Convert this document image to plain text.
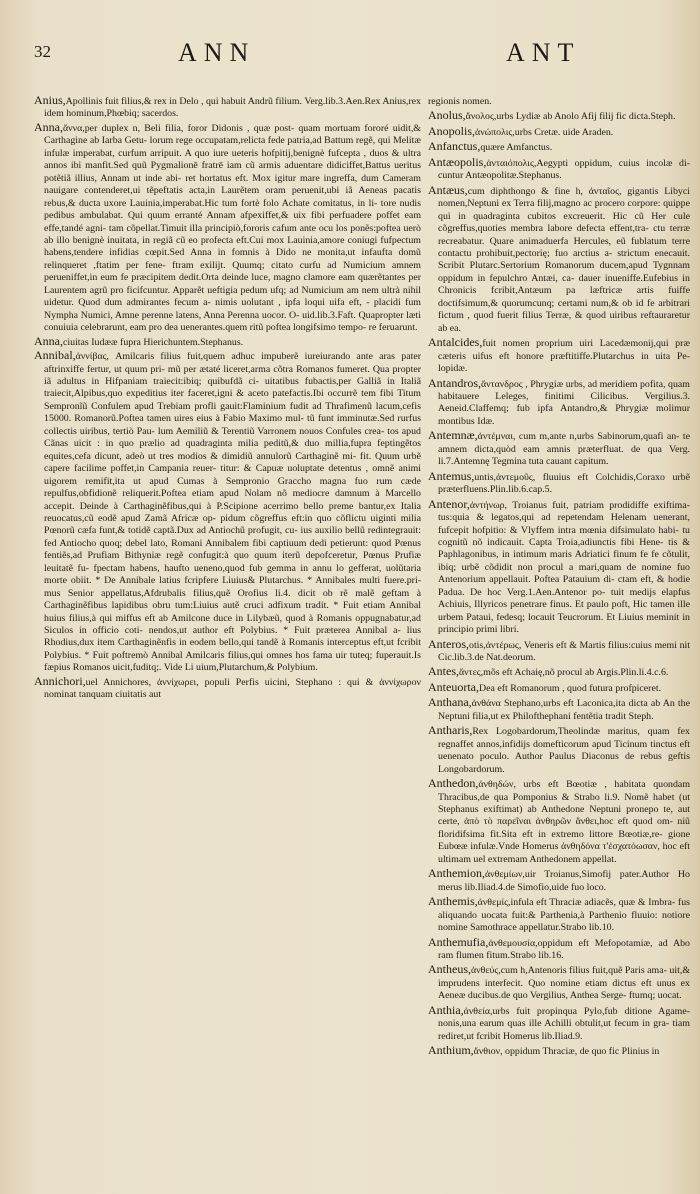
32	ANN	ANT

Anius,Apollinis fuit filius,& rex in Delo , qui habuit Andrũ filium. Verg.lib.3.Aen.Rex Anius,rex idem hominum,Phœbiq; sacerdos.

Anna,ἄννα,per duplex n, Beli filia, foror Didonis , quæ post- quam mortuam fororé uidit,& Carthagine ab Iarba Getu- lorum rege occupatam,relicta fede patria,ad Battum regẽ, qui Melitæ infulæ imperabat, curfum arripuit. A quo iure ueteris hofpitij,benignè fufcepta , duos & ultra annos ibi manfit.Sed quũ Pygmalionē fratrē iam cũ armis aduentare didiciffet,Battus ueritus potẽtiã illius, Annam ut inde abi- ret hortatus eft. Mox igitur mare ingreffa, dum Cameram nauigare contenderet,ui tẽpeftatis acta,in Laurẽtem oram peruenit,ubi iã Aeneas pacatis rebus,& ducta uxore Lauinia,imperabat.Hic tum fortè folo Achate comitatus, in li- tore nudis pedibus ambulabat. Qui quum erranté Annam afpexiffet,& uix fibi perfuadere poffet eam effe,tandé agni- tam cõpellat.Timuit illa principiò,fororis cafum ante ocu los ponẽs:poftea uerò ab illo benignè inuitata, in regiã cũ eo profecta eft.Cui mox Lauinia,amore coniugi fufpectum habens,tendere infidias cœpit.Sed Anna in fomnis à Dido ne monita,ut infaufta domũ relinqueret ,ftatim per fene- ftram exilijt. Quumq; citato curfu ad Numicium amnem perueniffet,in eum fe præcipitem dedit.Orta deinde luce, magno clamore eam quærẽtantes per Laurentem agrũ pro ficifcuntur. Apparẽt ueftigia pedum ufq; ad Numicium am nem ultrà nihil uidetur. Quod dum admirantes fecum a- nimis uolutant , ipfa loqui uifa eft, - placidi fum Nympha Numici, Amne perenne latens, Anna Perenna uocor. O- uid.lib.3.Faft. Quapropter læti conuiuia celebrarunt, eam pro dea uenerantes.quem ritũ poftea longifsimo tempo- re feruarunt.

Anna,ciuitas Iudææ fupra Hierichuntem.Stephanus.

Annibal,ἀννίβας, Amilcaris filius fuit,quem adhuc impuberẽ iureiurando ante aras pater aftrinxiffe fertur, ut quum pri- mũ per ætaté liceret,arma cõtra Romanos fumeret. Qua propter iã adultus in Hifpaniam traiecit:ibiq; quibufdã ci- uitatibus fubactis,per Galliã in Italiã traiecit,Alpibus,quo expeditius iter faceret,igni & aceto patefactis.Ibi occurrẽ tem fibi Titum Sempronĩũ Confulem apud Trebiam profli gauit:Flaminium fudit ad Thrafimenũ lacum,cefis 15000. Romanorũ.Poftea tamen uires eius à Fabio Maximo mul- tũ funt imminutæ.Sed rurfus collectis uiribus, tertiò Pau- lum Aemiliũ & Terentiũ Varronem nouos Confules crea- tos apud Cãnas uicit : in quo prælio ad quadraginta milia peditũ,& duo millia,fupra feptingẽtos equites,cefa dicunt, adeò ut tres modios & dimidiũ annulorũ Carthaginẽ mi- fit. Quum urbẽ capere facilime poffet,in Campania reuer- titur: & Capuæ uoluptate detentus , omnẽ animi uigorem remifit,ita ut apud Cumas à Sempronio Graccho magna fuo rum cæde repulfus,obfidionẽ reliquerit.Poftea etiam apud Nolam nõ mediocre damnum à Marcello accepit. Deinde à Carthaginẽfibus,qui à P.Scipione acerrimo bello preme bantur,ex Italia reuocatus,cũ eodẽ apud Zamã Africæ op- pidum cõgreffus eft:in quo cõflictu uiginti milia Pœnorũ cæfa funt,& totidẽ captã.Dux ad Antiochũ profugit, cu- ius auxilio bellũ redintegrauit: fed Antiocho quoq; debel lato, Romani Annibalem fibi captiuum dedi petierunt: quod Pœnus fentiẽs,ad Prufiam Bithyniæ regẽ confugit:à quo quum iterũ depofceretur, Pœnus Prufiæ leuitatẽ fu- fpectam habens, haufto ueneno,quod fub gemma in annu lo gefferat, uolũtaria morte obiit. * De Annibale latius fcripfere Liuius& Plutarchus. * Annibales multi fuere.pri- mus Senior appellatus,Afdrubalis filius,quẽ Orofius li.4. dicit ob rẽ malẽ geftam à Carthaginẽfibus lapidibus obru tum:Liuius autẽ cruci adfixum tradit. * Fuit etiam Annibal huius filius,à qui miffus eft ab Amilcone duce in Lilybæũ, quod à Romanis oppugnabatur,ad Siculos in officio coti- nendos,ut author eft Polybius. * Fuit præterea Annibal a- lius Rhodius,dux item Carthaginẽnfis in eodem bello,qui tandẽ à Romanis interceptus eft,ut fcribit Polybius. * Fuit poftremò Annibal Amilcaris filius,qui omnes hos fama uir tuteq; fuperauit.Is fæpius Romanos uicit,fuditq;. Vide Li uium,Plutarchum,& Polybium.

Annichori,uel Annichores, ἀννίχωρει, populi Perfis uicini, Stephano : qui & ἀννίχωρον nominat tanquam ciuitatis aut

regionis nomen.

Anolus,ἄνολος,urbs Lydiæ ab Anolo Afij filij fic dicta.Steph.

Anopolis,ἀνώπολις,urbs Cretæ. uide Araden.

Anfanctus,quære Amfanctus.

Antæopolis,ἀνταιόπολις,Aegypti oppidum, cuius incolæ di- cuntur Antæopolitæ.Stephanus.

Antæus,cum diphthongo & fine h, ἀνταῖος, gigantis Libyci nomen,Neptuni ex Terra filij,magno ac procero corpore: quippe qui in quadraginta cubitos excreuerit. Hic cũ Her cule cõgreffus,quoties membra labore defecta effent,tra- ctu terræ recreabatur. Quare animaduerfa Hercules, eũ fublatum terre contactu prohibuit,pectorię; fuo arctius a- strictum enecauit. Scribit Plutarc.Sertorium Romanorum ducem,apud Tygnnam oppidum in fepulchro Antæi, ca- dauer inueniffe.Eufebius in Chronicis fcribit,Antæum pa læftricæ artis fuiffe doctifsimum,& quorumcunq; certami num,& ob id fe arbitrari fictum , quod fuerit filius Terræ, & quod uiribus reftauraretur ab ea.

Antalcides,fuit nomen proprium uiri Lacedæmonij,qui præ cæteris uifus eft honore præftitiffe.Plutarchus in uita Pe- lopidæ.

Antandros,ἄντανδρος , Phrygiæ urbs, ad meridiem pofita, quam habitauere Leleges, finitimi Cilicibus. Vergilius.3. Aeneid.Claffemq; fub ipfa Antandro,& Phrygiæ molimur montibus Idæ.

Antemnæ,ἀντέμναι, cum m,ante n,urbs Sabinorum,quafi an- te amnem dicta,quòd eam amnis præterfluat. de qua Verg. li.7.Antemnę Tegmina tuta cauant capitum.

Antemus,untis,ἀντεμοῦς, fluuius eft Colchidis,Coraxo urbẽ præterfluens.Plin.lib.6.cap.5.

Antenor,ἀντήνωρ, Troianus fuit, patriam prodidiffe exiftima- tus:quia & legatos,qui ad repetendam Helenam uenerant, fufcepit hofpitio: & Vlyffem intra mœnia difsimulato habi- tu cognitũ nõ indicauit. Capta Troia,adiunctis fibi Hene- tis & Paphlagonibus, in intimum maris Adriatici finum fe fe cõtulit, ibiq; urbẽ cõdidit non procul a mari,quam de nomine fuo Antenorium appellauit. Poftea Patauium di- ctam eft, & hodie Padua. De hoc Verg.1.Aen.Antenor po- tuit medijs elapfus Achiuis, Illyricos penetrare finus. Et paulo poft, Hic tamen ille urbem Pataui, fedesq; locauit Teucrorum. Et Liuius meminit in principio primi libri.

Anteros,otis,ἀντέρως, Veneris eft & Martis filius:cuius memi nit Cic.lib.3.de Nat.deorum.

Antes,ἄντες,mõs eft Achaię,nõ procul ab Argis.Plin.li.4.c.6.

Anteuorta,Dea eft Romanorum , quod futura profpiceret.

Anthana,ἀνθάνα Stephano,urbs eft Laconica,ita dicta ab An the Neptuni filia,ut ex Philofthephani fentẽtia tradit Steph.

Antharis,Rex Logobardorum,Theolindæ maritus, quam fex regnaffet annos,infidijs domefticorum apud Ticinum tinctus eft uenenato poculo. Author Paulus Diaconus de rebus geftis Longobardorum.

Anthedon,ἀνθηδών, urbs eft Bœotiæ , habitata quondam Thracibus,de qua Pomponius & Strabo li.9. Nomẽ habet (ut Stephanus exiftimat) ab Anthedone Neptuni pronepo te, aut certe, ἀπὸ τὸ παρεῖναι ἀνθηρῶν ἄνθει,hoc eft quod om- niũ floridifsima fit.Sita eft in extremo littore Bœotiæ,re- gione Eubœæ infulæ.Vnde Homerus ἀνθηδόνα τ'ἐσχατόωσαν, hoc eft ultimam uel extremam Anthedonem appellat.

Anthemion,ἀνθεμίων,uir Troianus,Simofij pater.Author Ho merus lib.Iliad.4.de Simofio,uide fuo loco.

Anthemis,ἀνθεμίς,infula eft Thraciæ adiacẽs, quæ & Imbra- fus aliquando uocata fuit:& Parthenia,à Parthenio fluuio: notiore nomine Samothrace appellatur.Strabo lib.10.

Anthemufia,ἀνθεμουσία,oppidum eft Mefopotamiæ, ad Abo ram flumen fitum.Strabo lib.16.

Antheus,ἀνθεύς,cum h,Antenoris filius fuit,quẽ Paris ama- uit,& imprudens interfecit. Quo nomine etiam dictus eft unus ex Aeneæ ducibus.de quo Vergilius, Anthea Serge- ftumq; uocat.

Anthia,ἀνθεία,urbs fuit propinqua Pylo,fub ditione Agame- nonis,una earum quas ille Achilli obtulit,ut fecum in gra- tiam rediret,ut fcribit Homerus lib.Iliad.9.

Anthium,ἄνθιον, oppidum Thraciæ, de quo fic Plinius in
